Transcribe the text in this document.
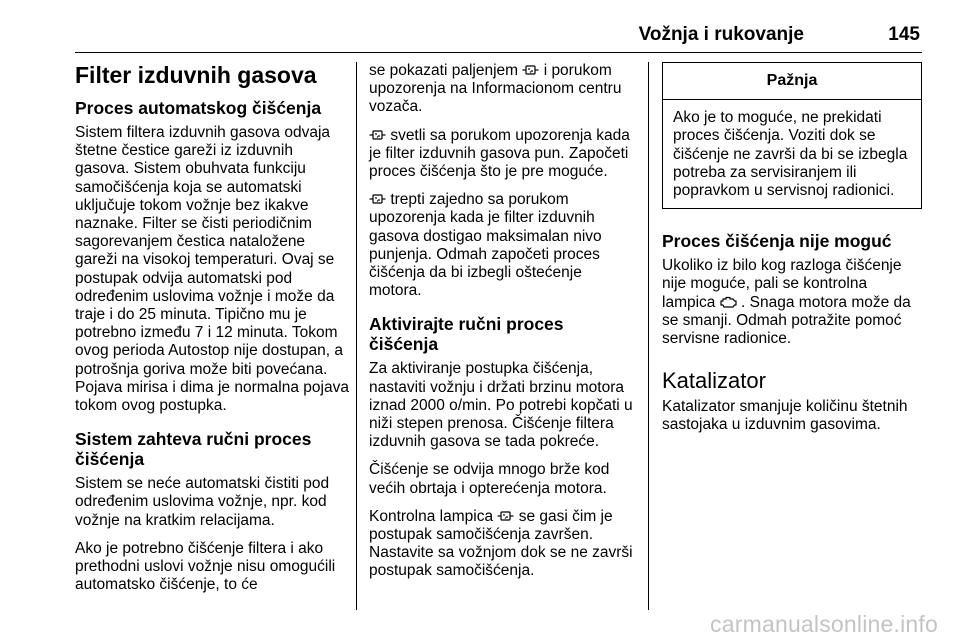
Vožnja i rukovanje	145
Filter izduvnih gasova
Proces automatskog čišćenja

Sistem filtera izduvnih gasova odvaja štetne čestice gareži iz izduvnih gasova. Sistem obuhvata funkciju samočišćenja koja se automatski uključuje tokom vožnje bez ikakve naznake. Filter se čisti periodičnim sagorevanjem čestica nataložene gareži na visokoj temperaturi. Ovaj se postupak odvija automatski pod određenim uslovima vožnje i može da traje i do 25 minuta. Tipično mu je potrebno između 7 i 12 minuta. Tokom ovog perioda Autostop nije dostupan, a potrošnja goriva može biti povećana. Pojava mirisa i dima je normalna pojava tokom ovog postupka.

Sistem zahteva ručni proces čišćenja

Sistem se neće automatski čistiti pod određenim uslovima vožnje, npr. kod vožnje na kratkim relacijama.

Ako je potrebno čišćenje filtera i ako prethodni uslovi vožnje nisu omogućili automatsko čišćenje, to će

se pokazati paljenjem i porukom upozorenja na Informacionom centru vozača.

svetli sa porukom upozorenja kada je filter izduvnih gasova pun. Započeti proces čišćenja što je pre moguće.

trepti zajedno sa porukom upozorenja kada je filter izduvnih gasova dostigao maksimalan nivo punjenja. Odmah započeti proces čišćenja da bi izbegli oštećenje motora.

Aktivirajte ručni proces čišćenja

Za aktiviranje postupka čišćenja, nastaviti vožnju i držati brzinu motora iznad 2000 o/min. Po potrebi kopčati u niži stepen prenosa. Čišćenje filtera izduvnih gasova se tada pokreće.

Čišćenje se odvija mnogo brže kod većih obrtaja i opterećenja motora.

Kontrolna lampica se gasi čim je postupak samočišćenja završen. Nastavite sa vožnjom dok se ne završi postupak samočišćenja.

Pažnja
Ako je to moguće, ne prekidati proces čišćenja. Voziti dok se čišćenje ne završi da bi se izbegla potreba za servisiranjem ili popravkom u servisnoj radionici.
Proces čišćenja nije moguć

Ukoliko iz bilo kog razloga čišćenje nije moguće, pali se kontrolna lampica . Snaga motora može da se smanji. Odmah potražite pomoć servisne radionice.

Katalizator

Katalizator smanjuje količinu štetnih sastojaka u izduvnim gasovima.

carmanualsonline.info
